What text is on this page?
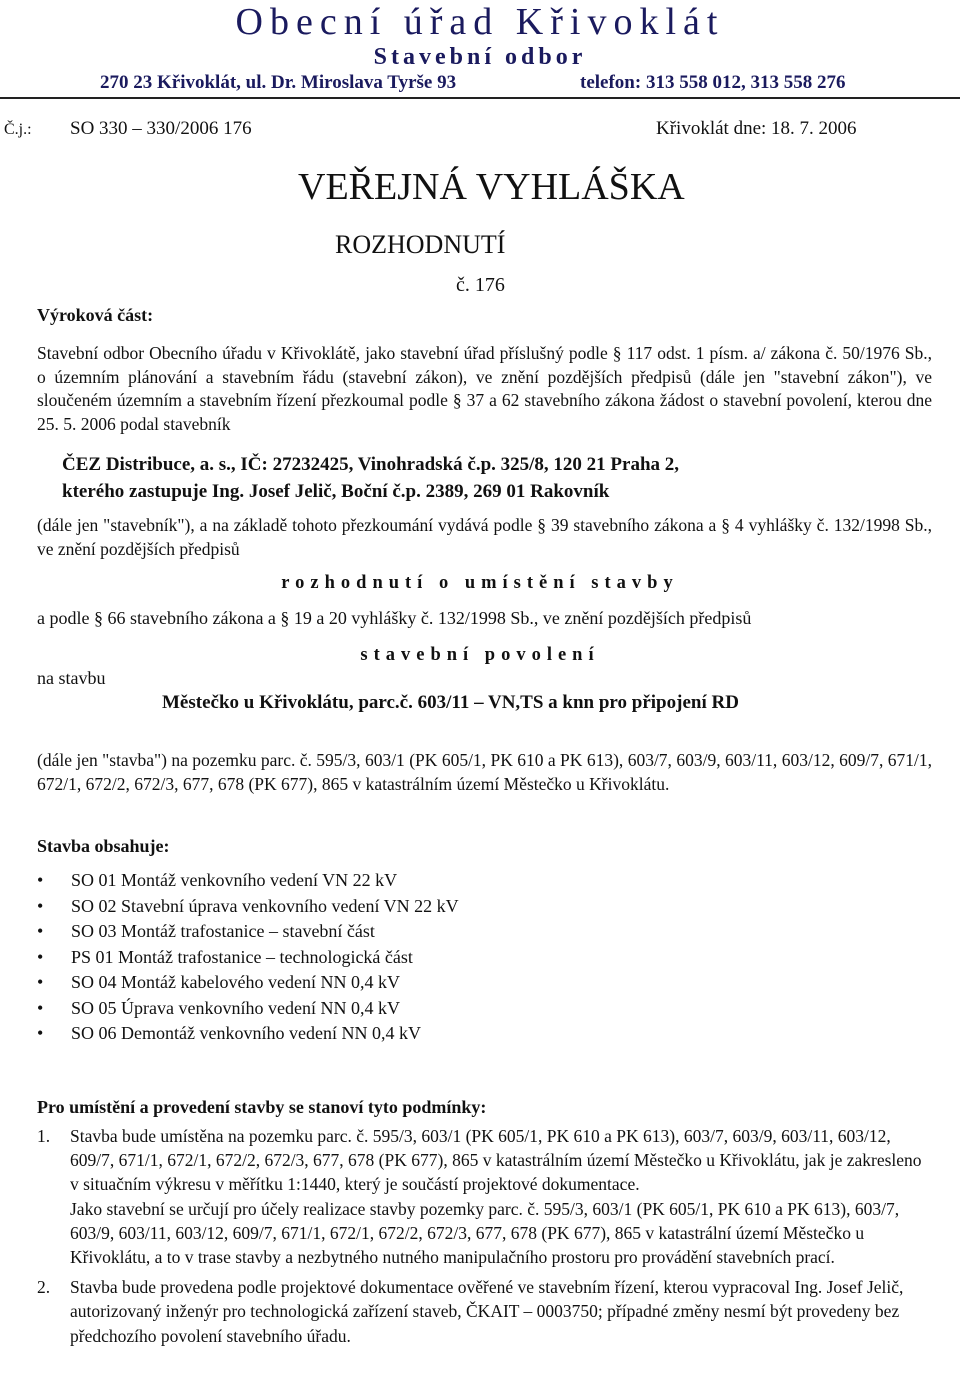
Obecní úřad Křivoklát
Stavební odbor
270 23 Křivoklát, ul. Dr. Miroslava Tyrše 93	telefon: 313 558 012, 313 558 276
Č.j.: SO 330 – 330/2006 176	Křivoklát dne: 18. 7. 2006
VEŘEJNÁ VYHLÁŠKA
ROZHODNUTÍ
č. 176
Výroková část:
Stavební odbor Obecního úřadu v Křivoklátě, jako stavební úřad příslušný podle § 117 odst. 1 písm. a/ zákona č. 50/1976 Sb., o územním plánování a stavebním řádu (stavební zákon), ve znění pozdějších předpisů (dále jen "stavební zákon"), ve sloučeném územním a stavebním řízení přezkoumal podle § 37 a 62 stavebního zákona žádost o stavební povolení, kterou dne 25. 5. 2006 podal stavebník
ČEZ Distribuce, a. s., IČ: 27232425, Vinohradská č.p. 325/8, 120 21 Praha 2,
kterého zastupuje Ing. Josef Jelič, Boční č.p. 2389, 269 01 Rakovník
(dále jen "stavebník"), a na základě tohoto přezkoumání vydává podle § 39 stavebního zákona a § 4 vyhlášky č. 132/1998 Sb., ve znění pozdějších předpisů
rozhodnutí o umístění stavby
a podle § 66 stavebního zákona a § 19 a 20 vyhlášky č. 132/1998 Sb., ve znění pozdějších předpisů
stavební povolení
na stavbu
Městečko u Křivoklátu, parc.č. 603/11 – VN,TS a knn pro připojení RD
(dále jen "stavba") na pozemku parc. č. 595/3, 603/1 (PK 605/1, PK 610 a PK 613), 603/7, 603/9, 603/11, 603/12, 609/7, 671/1, 672/1, 672/2, 672/3, 677, 678 (PK 677), 865 v katastrálním území Městečko u Křivoklátu.
Stavba obsahuje:
• SO 01 Montáž venkovního vedení VN 22 kV
• SO 02 Stavební úprava venkovního vedení VN 22 kV
• SO 03 Montáž trafostanice – stavební část
• PS 01 Montáž trafostanice – technologická část
• SO 04 Montáž kabelového vedení NN 0,4 kV
• SO 05 Úprava venkovního vedení NN 0,4 kV
• SO 06 Demontáž venkovního vedení NN 0,4 kV
Pro umístění a provedení stavby se stanoví tyto podmínky:
1. Stavba bude umístěna na pozemku parc. č. 595/3, 603/1 (PK 605/1, PK 610 a PK 613), 603/7, 603/9, 603/11, 603/12, 609/7, 671/1, 672/1, 672/2, 672/3, 677, 678 (PK 677), 865 v katastrálním území Městečko u Křivoklátu, jak je zakresleno v situačním výkresu v měřítku 1:1440, který je součástí projektové dokumentace.

Jako stavební se určují pro účely realizace stavby pozemky parc. č. 595/3, 603/1 (PK 605/1, PK 610 a PK 613), 603/7, 603/9, 603/11, 603/12, 609/7, 671/1, 672/1, 672/2, 672/3, 677, 678 (PK 677), 865 v katastrální území Městečko u Křivoklátu, a to v trase stavby a nezbytného nutného manipulačního prostoru pro provádění stavebních prací.

2. Stavba bude provedena podle projektové dokumentace ověřené ve stavebním řízení, kterou vypracoval Ing. Josef Jelič, autorizovaný inženýr pro technologická zařízení staveb, ČKAIT – 0003750; případné změny nesmí být provedeny bez předchozího povolení stavebního úřadu.
